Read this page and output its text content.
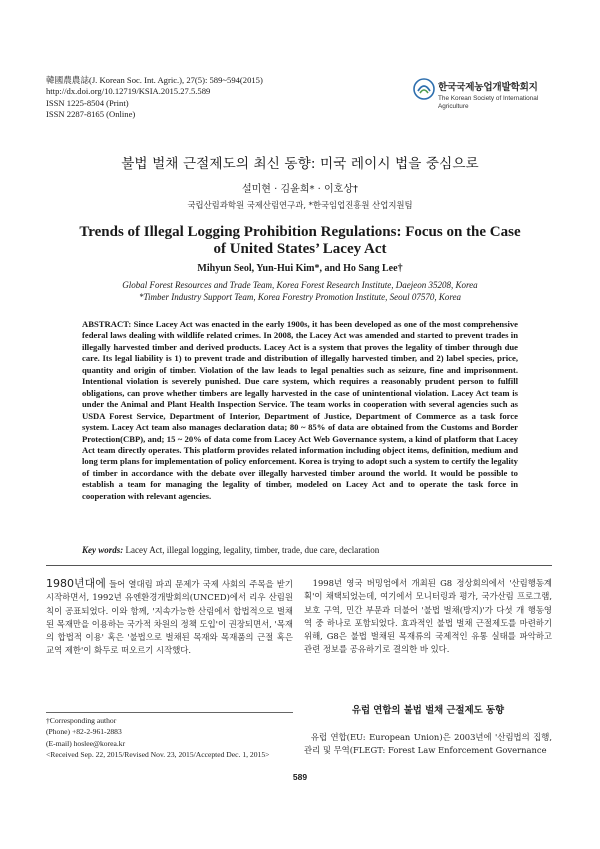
韓國農農誌(J. Korean Soc. Int. Agric.), 27(5): 589~594(2015)
http://dx.doi.org/10.12719/KSIA.2015.27.5.589
ISSN 1225-8504 (Print)
ISSN 2287-8165 (Online)
한국국제농업개발학회지
The Korean Society of International
Agriculture
불법 벌채 근절제도의 최신 동향: 미국 레이시 법을 중심으로
설미현 · 김윤희* · 이호상†
국립산림과학원 국제산림연구과, *한국임업진흥원 산업지원팀
Trends of Illegal Logging Prohibition Regulations: Focus on the Case
of United States’ Lacey Act
Mihyun Seol, Yun-Hui Kim*, and Ho Sang Lee†
Global Forest Resources and Trade Team, Korea Forest Research Institute, Daejeon 35208, Korea
*Timber Industry Support Team, Korea Forestry Promotion Institute, Seoul 07570, Korea

ABSTRACT: Since Lacey Act was enacted in the early 1900s, it has been developed as one of the most comprehensive federal laws dealing with wildlife related crimes. In 2008, the Lacey Act was amended and started to prevent trades in illegally harvested timber and derived products. Lacey Act is a system that proves the legality of timber through due care. Its legal liability is 1) to prevent trade and distribution of illegally harvested timber, and 2) label species, price, quantity and origin of timber. Violation of the law leads to legal penalties such as seizure, fine and imprisonment. Intentional violation is severely punished. Due care system, which requires a reasonably prudent person to fulfill obligations, can prove whether timbers are legally harvested in the case of unintentional violation. Lacey Act team is under the Animal and Plant Health Inspection Service. The team works in cooperation with several agencies such as USDA Forest Service, Department of Interior, Department of Justice, Department of Commerce as a task force system. Lacey Act team also manages declaration data; 80 ~ 85% of data are obtained from the Customs and Border Protection(CBP), and; 15 ~ 20% of data come from Lacey Act Web Governance system, a kind of platform that Lacey Act team directly operates. This platform provides related information including object items, definition, medium and long term plans for implementation of policy enforcement. Korea is trying to adopt such a system to certify the legality of timber in accordance with the debate over illegally harvested timber around the world. It would be possible to establish a team for managing the legality of timber, modeled on Lacey Act and to operate the task force in cooperation with relevant agencies.

Key words: Lacey Act, illegal logging, legality, timber, trade, due care, declaration
1980년대에 들어 열대림 파괴 문제가 국제 사회의 주목을 받기 시작하면서, 1992년 유엔환경개발회의(UNCED)에서 리우 산림원칙이 공표되었다. 이와 함께, '지속가능한 산림에서 합법적으로 벌채된 목재만을 이용하는 국가적 차원의 정책 도입'이 권장되면서, '목재의 합법적 이용' 혹은 '불법으로 벌채된 목재와 목재품의 근절 혹은 교역 제한'이 화두로 떠오르기 시작했다.
1998년 영국 버밍엄에서 개최된 G8 정상회의에서 '산림행동계획'이 채택되었는데, 여기에서 모니터링과 평가, 국가산림 프로그램, 보호 구역, 민간 부문과 더불어 '불법 벌채(방지)'가 다섯 개 행동영역 중 하나로 포함되었다. 효과적인 불법 벌채 근절제도를 마련하기 위해, G8은 불법 벌채된 목재류의 국제적인 유통 실태를 파악하고 관련 정보를 공유하기로 결의한 바 있다.
유럽 연합의 불법 벌채 근절제도 동향
유럽 연합(EU: European Union)은 2003년에 '산림법의 집행, 관리 및 무역(FLEGT: Forest Law Enforcement Governance
†Corresponding author
(Phone) +82-2-961-2883
(E-mail) hoslee@korea.kr
<Received Sep. 22, 2015/Revised Nov. 23, 2015/Accepted Dec. 1, 2015>
589
